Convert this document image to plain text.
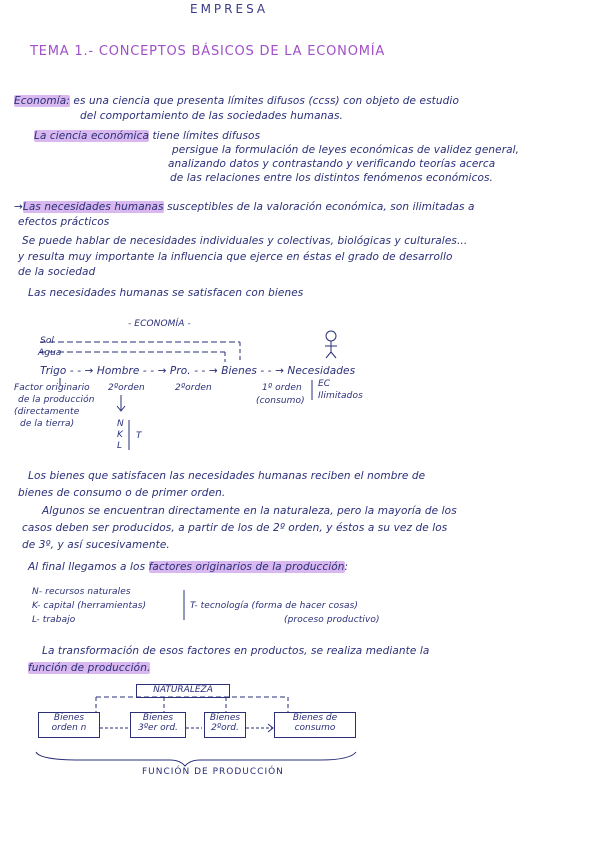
EMPRESA
TEMA 1.- CONCEPTOS BÁSICOS DE LA ECONOMÍA
Economía: es una ciencia que presenta límites difusos (ccss) con objeto de estudio
del comportamiento de las sociedades humanas.
La ciencia económica tiene límites difusos
persigue la formulación de leyes económicas de validez general,
analizando datos y contrastando y verificando teorías acerca
de las relaciones entre los distintos fenómenos económicos.
→Las necesidades humanas susceptibles de la valoración económica, son ilimitadas a
efectos prácticos
Se puede hablar de necesidades individuales y colectivas, biológicas y culturales...
y resulta muy importante la influencia que ejerce en éstas el grado de desarrollo
de la sociedad
Las necesidades humanas se satisfacen con bienes
- ECONOMÍA -
Sol
Agua
Trigo - - → Hombre - - → Pro. - - → Bienes - - → Necesidades
Factor originario
de la producción
(directamente
de la tierra)
2ºorden	2ºorden	1º orden
(consumo)
EC
Ilimitados
N
K
L
T
Los bienes que satisfacen las necesidades humanas reciben el nombre de
bienes de consumo o de primer orden.
Algunos se encuentran directamente en la naturaleza, pero la mayoría de los
casos deben ser producidos, a partir de los de 2º orden, y éstos a su vez de los
de 3º, y así sucesivamente.
Al final llegamos a los factores originarios de la producción:
N- recursos naturales
K- capital (herramientas)
L- trabajo
T- tecnología (forma de hacer cosas)
(proceso productivo)
La transformación de esos factores en productos, se realiza mediante la
función de producción.
NATURALEZA
Bienes
orden n
Bienes
3ºer ord.
Bienes
2ºord.
Bienes de
consumo
FUNCIÓN DE PRODUCCIÓN
